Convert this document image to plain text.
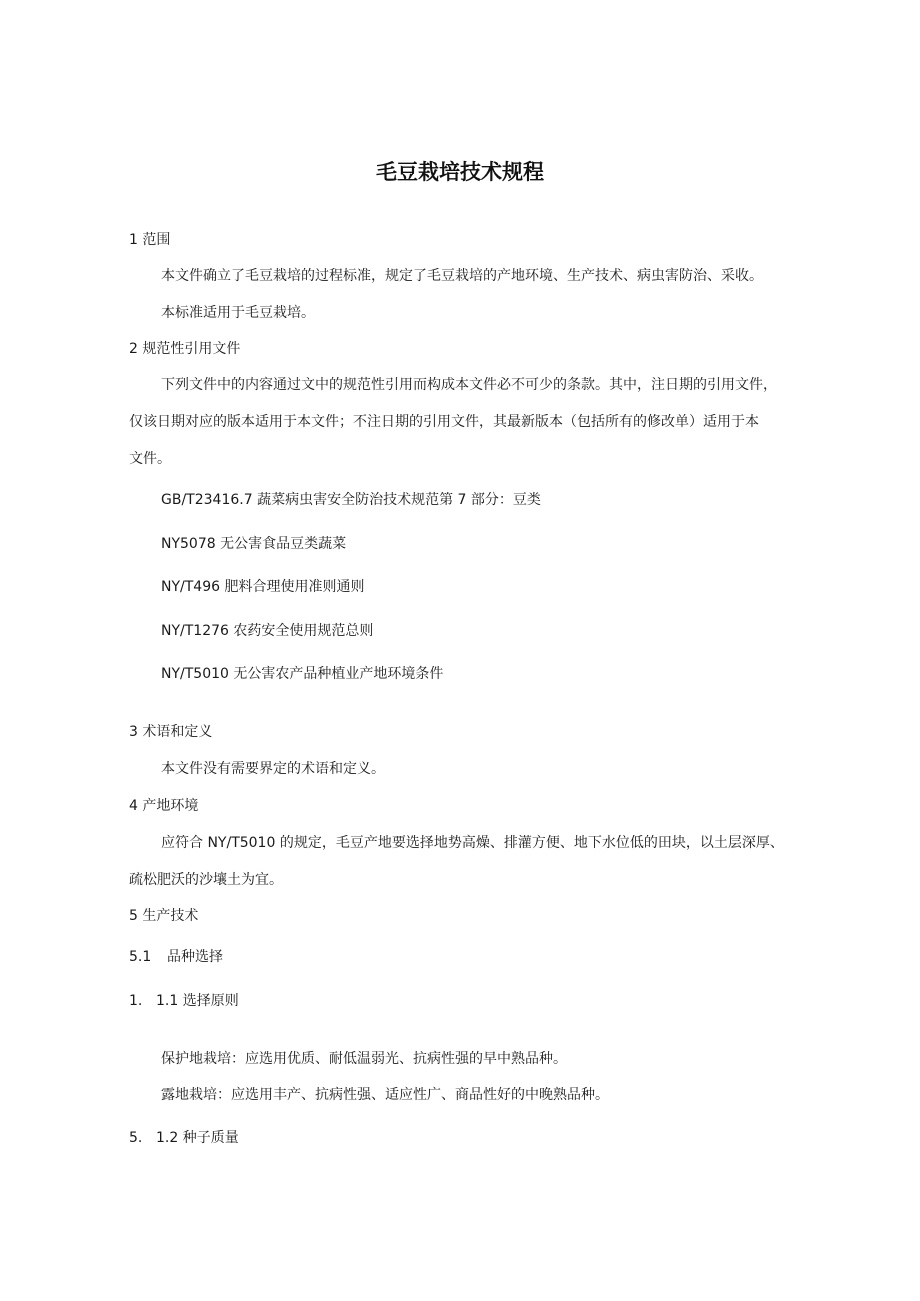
毛豆栽培技术规程
1 范围
本文件确立了毛豆栽培的过程标准，规定了毛豆栽培的产地环境、生产技术、病虫害防治、采收。
本标准适用于毛豆栽培。
2 规范性引用文件
下列文件中的内容通过文中的规范性引用而构成本文件必不可少的条款。其中，注日期的引用文件，
仅该日期对应的版本适用于本文件；不注日期的引用文件，其最新版本（包括所有的修改单）适用于本
文件。
GB/T23416.7 蔬菜病虫害安全防治技术规范第 7 部分：豆类
NY5078 无公害食品豆类蔬菜
NY/T496 肥料合理使用准则通则
NY/T1276 农药安全使用规范总则
NY/T5010 无公害农产品种植业产地环境条件
3 术语和定义
本文件没有需要界定的术语和定义。
4 产地环境
应符合 NY/T5010 的规定，毛豆产地要选择地势高燥、排灌方便、地下水位低的田块，以土层深厚、
疏松肥沃的沙壤土为宜。
5 生产技术
5.1 品种选择
1. 1.1 选择原则
保护地栽培：应选用优质、耐低温弱光、抗病性强的早中熟品种。
露地栽培：应选用丰产、抗病性强、适应性广、商品性好的中晚熟品种。
5. 1.2 种子质量
